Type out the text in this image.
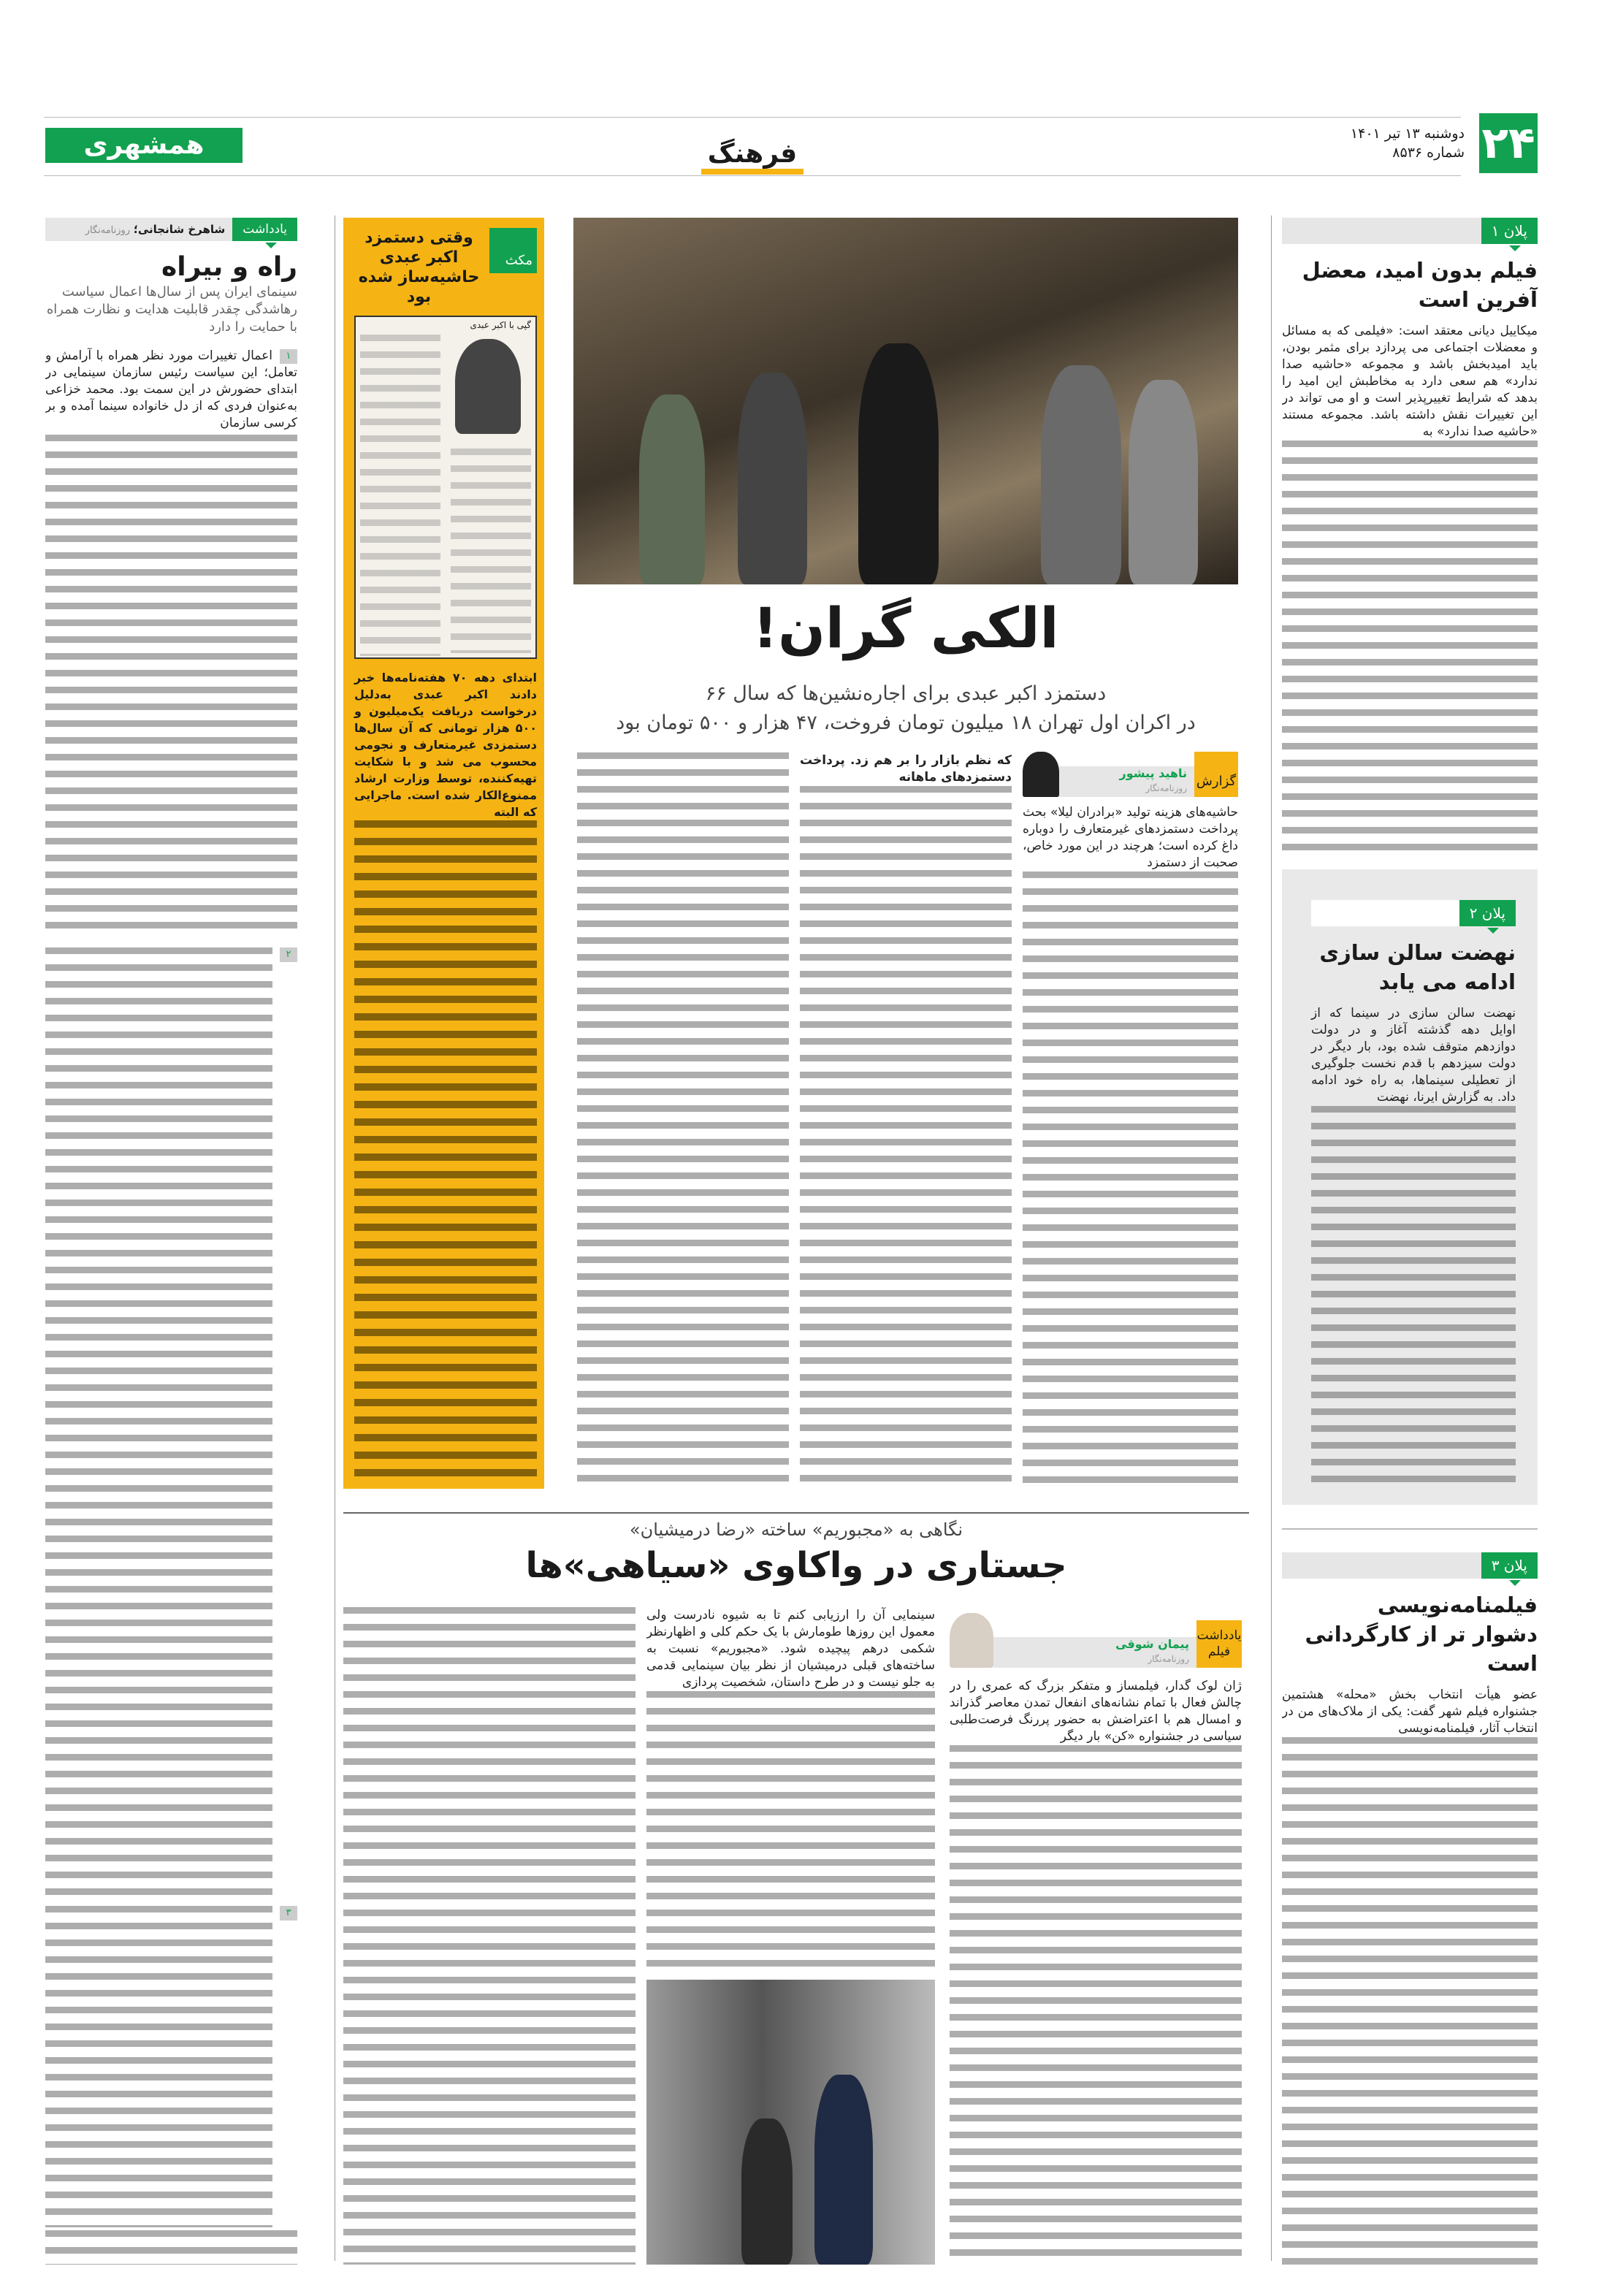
۲۴
دوشنبه ۱۳ تیر ۱۴۰۱
شماره ۸۵۳۶
فرهنگ
همشهری
پلان ۱
فیلم بدون امید، معضل آفرین است
میکاییل دیانی معتقد است: «فیلمی که به مسائل و معضلات اجتماعی می پردازد برای مثمر بودن، باید امیدبخش باشد و مجموعه «حاشیه صدا ندارد» هم سعی دارد به مخاطبش این امید را بدهد که شرایط تغییرپذیر است و او می تواند در این تغییرات نقش داشته باشد. مجموعه مستند «حاشیه صدا ندارد» به
پلان ۲
نهضت سالن سازی ادامه می یابد
نهضت سالن سازی در سینما که از اوایل دهه گذشته آغاز و در دولت دوازدهم متوقف شده بود، بار دیگر در دولت سیزدهم با قدم نخست جلوگیری از تعطیلی سینماها، به راه خود ادامه داد. به گزارش ایرنا، نهضت
پلان ۳
فیلمنامه‌نویسی
دشوار تر از کارگردانی است
عضو هیأت انتخاب بخش «محله» هشتمین جشنواره فیلم شهر گفت: یکی از ملاک‌های من در انتخاب آثار، فیلمنامه‌نویسی
یادداشت
شاهرخ شانجانی؛ روزنامه‌نگار
راه و بیراه
سینمای ایران پس از سال‌ها اعمال سیاست رهاشدگی چقدر قابلیت هدایت و نظارت همراه با حمایت را دارد
۱
اعمال تغییرات مورد نظر همراه با آرامش و تعامل؛ این سیاست رئیس سازمان سینمایی در ابتدای حضورش در این سمت بود. محمد خزاعی به‌عنوان فردی که از دل خانواده سینما آمده و بر کرسی سازمان
۲
۳
مکث
وقتی دستمزد اکبر عبدی حاشیه‌ساز شده بود
گپی با اکبر عبدی
ابتدای دهه ۷۰ هفته‌نامه‌ها خبر دادند اکبر عبدی به‌دلیل درخواست دریافت یک‌میلیون و ۵۰۰ هزار تومانی که آن سال‌ها دستمزدی غیرمتعارف و نجومی محسوب می شد و با شکایت تهیه‌کننده، توسط وزارت ارشاد ممنوع‌الکار شده است. ماجرایی که البته
الکی گران!
دستمزد اکبر عبدی برای اجاره‌نشین‌ها که سال ۶۶
در اکران اول تهران ۱۸ میلیون تومان فروخت، ۴۷ هزار و ۵۰۰ تومان بود
گزارش
ناهید پیشور
روزنامه‌نگار
حاشیه‌های هزینه تولید «برادران لیلا» بحث پرداخت دستمزدهای غیرمتعارف را دوباره داغ کرده است؛ هرچند در این مورد خاص، صحبت از دستمزد
که نظم بازار را بر هم زد. پرداخت دستمزدهای ماهانه
نگاهی به «مجبوریم» ساخته «رضا درمیشیان»
جستاری در واکاوی «سیاهی»ها
یادداشت
فیلم
پیمان شوقی
روزنامه‌نگار
ژان لوک گدار، فیلمساز و متفکر بزرگ که عمری را در چالش فعال با تمام نشانه‌های انفعال تمدن معاصر گذراند و امسال هم با اعتراضش به حضور پررنگ فرصت‌طلبی سیاسی در جشنواره «کن» بار دیگر
سینمایی آن را ارزیابی کنم تا به شیوه نادرست ولی معمول این روزها طومارش با یک حکم کلی و اظهارنظر شکمی درهم پیچیده شود. «مجبوریم» نسبت به ساخته‌های قبلی درمیشیان از نظر بیان سینمایی قدمی به جلو نیست و در طرح داستان، شخصیت پردازی
